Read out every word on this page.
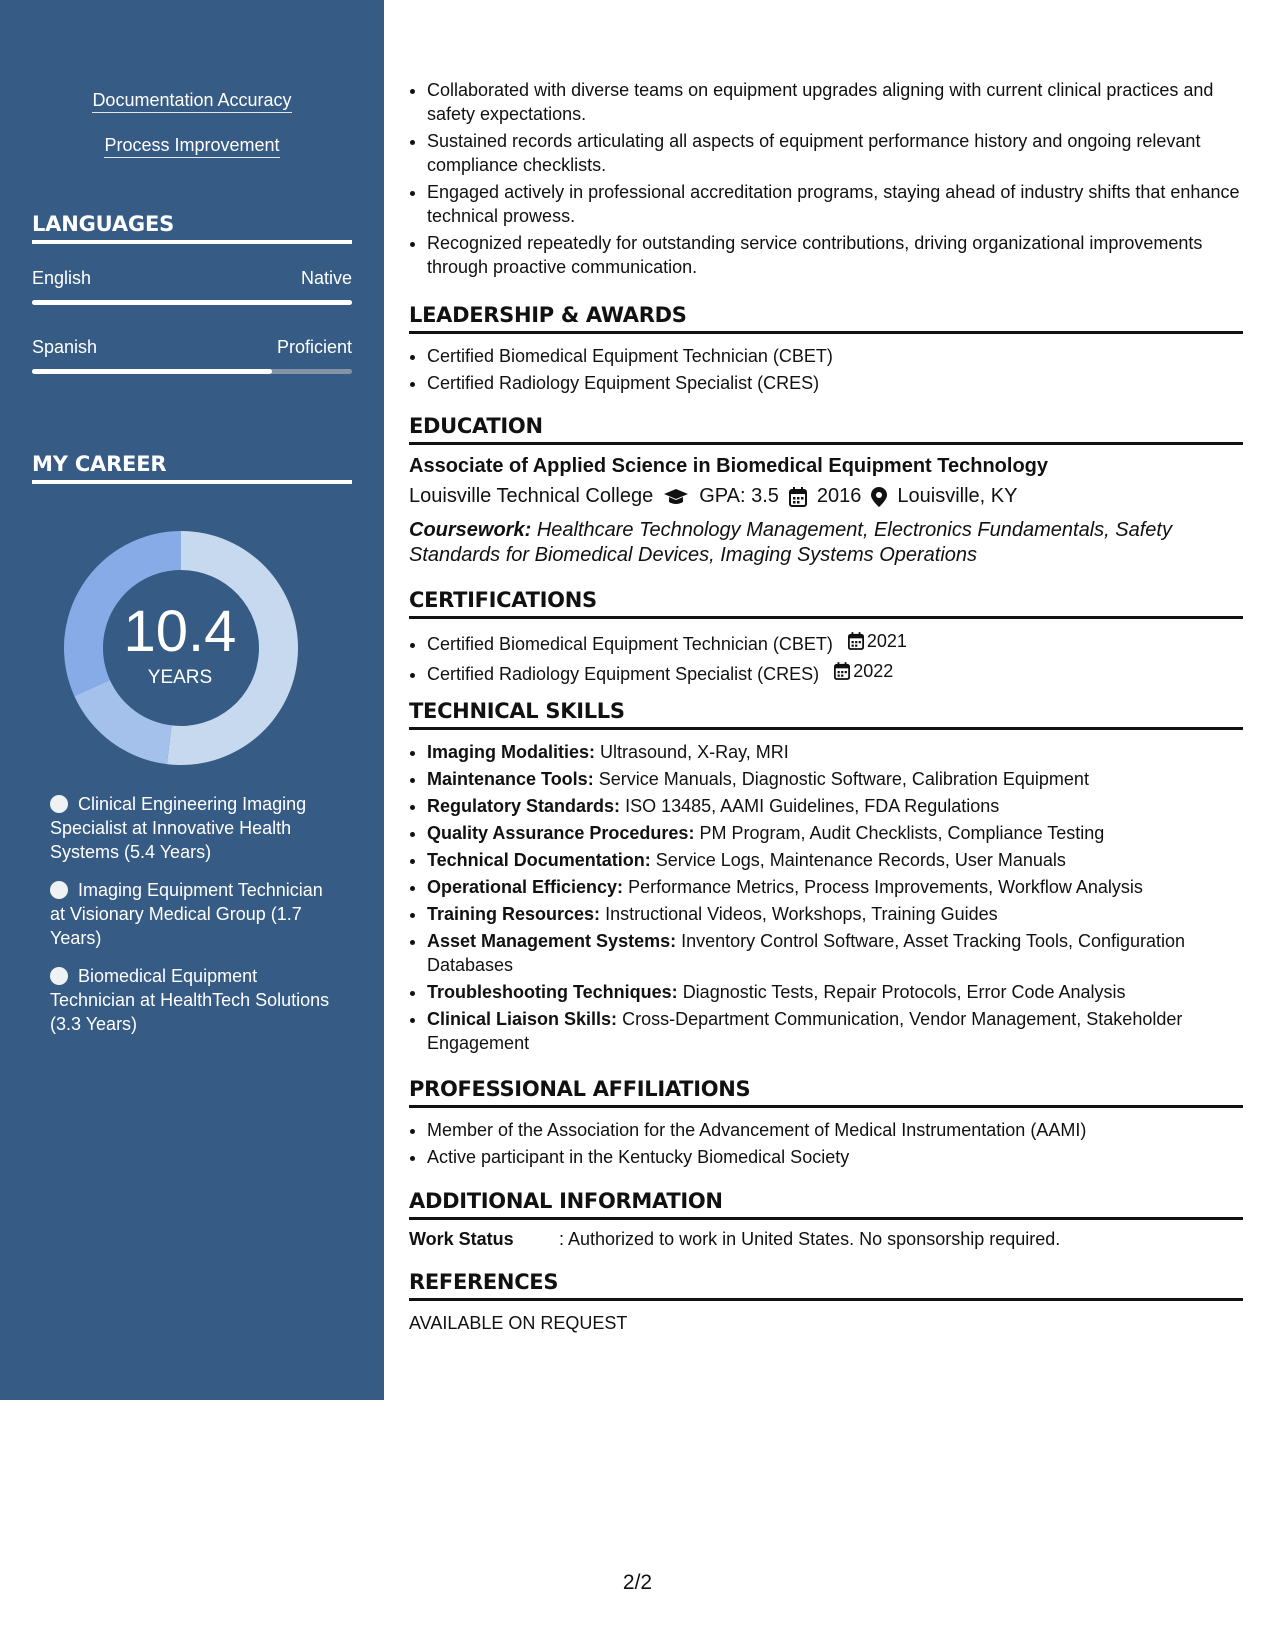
Documentation Accuracy
Process Improvement
LANGUAGES
English	Native
Spanish	Proficient
MY CAREER
10.4
YEARS
Clinical Engineering Imaging Specialist at Innovative Health Systems (5.4 Years)
Imaging Equipment Technician at Visionary Medical Group (1.7 Years)
Biomedical Equipment Technician at HealthTech Solutions (3.3 Years)
• Collaborated with diverse teams on equipment upgrades aligning with current clinical practices and safety expectations.
• Sustained records articulating all aspects of equipment performance history and ongoing relevant compliance checklists.
• Engaged actively in professional accreditation programs, staying ahead of industry shifts that enhance technical prowess.
• Recognized repeatedly for outstanding service contributions, driving organizational improvements through proactive communication.
LEADERSHIP & AWARDS
• Certified Biomedical Equipment Technician (CBET)
• Certified Radiology Equipment Specialist (CRES)
EDUCATION
Associate of Applied Science in Biomedical Equipment Technology
Louisville Technical College GPA: 3.5 2016 Louisville, KY
Coursework: Healthcare Technology Management, Electronics Fundamentals, Safety Standards for Biomedical Devices, Imaging Systems Operations
CERTIFICATIONS
• Certified Biomedical Equipment Technician (CBET) 2021
• Certified Radiology Equipment Specialist (CRES) 2022
TECHNICAL SKILLS
• Imaging Modalities: Ultrasound, X-Ray, MRI
• Maintenance Tools: Service Manuals, Diagnostic Software, Calibration Equipment
• Regulatory Standards: ISO 13485, AAMI Guidelines, FDA Regulations
• Quality Assurance Procedures: PM Program, Audit Checklists, Compliance Testing
• Technical Documentation: Service Logs, Maintenance Records, User Manuals
• Operational Efficiency: Performance Metrics, Process Improvements, Workflow Analysis
• Training Resources: Instructional Videos, Workshops, Training Guides
• Asset Management Systems: Inventory Control Software, Asset Tracking Tools, Configuration Databases
• Troubleshooting Techniques: Diagnostic Tests, Repair Protocols, Error Code Analysis
• Clinical Liaison Skills: Cross-Department Communication, Vendor Management, Stakeholder Engagement
PROFESSIONAL AFFILIATIONS
• Member of the Association for the Advancement of Medical Instrumentation (AAMI)
• Active participant in the Kentucky Biomedical Society
ADDITIONAL INFORMATION
Work Status	: Authorized to work in United States. No sponsorship required.
REFERENCES
AVAILABLE ON REQUEST
2/2
